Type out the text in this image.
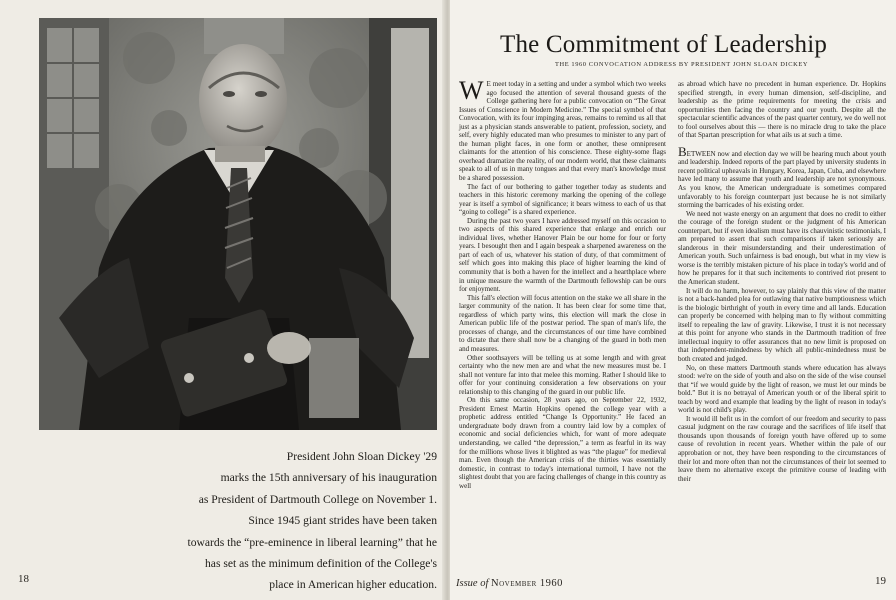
President John Sloan Dickey '29

marks the 15th anniversary of his inauguration

as President of Dartmouth College on November 1.

Since 1945 giant strides have been taken

towards the “pre-eminence in liberal learning” that he

has set as the minimum definition of the College's

place in American higher education.

18
The Commitment of Leadership
THE 1960 CONVOCATION ADDRESS BY PRESIDENT JOHN SLOAN DICKEY

W E meet today in a setting and under a symbol which two weeks ago focused the attention of several thousand guests of the College gathering here for a public convocation on “The Great Issues of Conscience in Modern Medicine.” The special symbol of that Convocation, with its four impinging areas, remains to remind us all that just as a physician stands answerable to patient, profession, society, and self, every highly educated man who presumes to minister to any part of the human plight faces, in one form or another, these omnipresent claimants for the attention of his conscience. These eighty-some flags overhead dramatize the reality, of our modern world, that these claimants speak to all of us in many tongues and that every man's knowledge must be a shared possession.

The fact of our bothering to gather together today as students and teachers in this historic ceremony marking the opening of the college year is itself a symbol of significance; it bears witness to each of us that “going to college” is a shared experience.

During the past two years I have addressed myself on this occasion to two aspects of this shared experience that enlarge and enrich our individual lives, whether Hanover Plain be our home for four or forty years. I besought then and I again bespeak a sharpened awareness on the part of each of us, whatever his station of duty, of that commitment of self which goes into making this place of higher learning the kind of community that is both a haven for the intellect and a hearthplace where in unique measure the warmth of the Dartmouth fellowship can be ours for enjoyment.

This fall's election will focus attention on the stake we all share in the larger community of the nation. It has been clear for some time that, regardless of which party wins, this election will mark the close in American public life of the postwar period. The span of man's life, the processes of change, and the circumstances of our time have combined to dictate that there shall now be a changing of the guard in both men and measures.

Other soothsayers will be telling us at some length and with great certainty who the new men are and what the new measures must be. I shall not venture far into that melee this morning. Rather I should like to offer for your continuing consideration a few observations on your relationship to this changing of the guard in our public life.

On this same occasion, 28 years ago, on September 22, 1932, President Ernest Martin Hopkins opened the college year with a prophetic address entitled “Change Is Opportunity.” He faced an undergraduate body drawn from a country laid low by a complex of economic and social deficiencies which, for want of more adequate understanding, we called “the depression,” a term as fearful in its way for the millions whose lives it blighted as was “the plague” for medieval man. Even though the American crisis of the thirties was essentially domestic, in contrast to today's international turmoil, I have not the slightest doubt that you are facing challenges of change in this country as well

as abroad which have no precedent in human experience. Dr. Hopkins specified strength, in every human dimension, self-discipline, and leadership as the prime requirements for meeting the crisis and opportunities then facing the country and our youth. Despite all the spectacular scientific advances of the past quarter century, we do well not to fool ourselves about this — there is no miracle drug to take the place of that Spartan prescription for what ails us at such a time.

BETWEEN now and election day we will be hearing much about youth and leadership. Indeed reports of the part played by university students in recent political upheavals in Hungary, Korea, Japan, Cuba, and elsewhere have led many to assume that youth and leadership are not synonymous. As you know, the American undergraduate is sometimes compared unfavorably to his foreign counterpart just because he is not similarly storming the barricades of his existing order.

We need not waste energy on an argument that does no credit to either the courage of the foreign student or the judgment of his American counterpart, but if even idealism must have its chauvinistic testimonials, I am prepared to assert that such comparisons if taken seriously are slanderous in their misunderstanding and their underestimation of American youth. Such unfairness is bad enough, but what in my view is worse is the terribly mistaken picture of his place in today's world and of how he prepares for it that such incitements to contrived riot present to the American student.

It will do no harm, however, to say plainly that this view of the matter is not a back-handed plea for outlawing that native bumptiousness which is the biologic birthright of youth in every time and all lands. Education can properly be concerned with helping man to fly without committing itself to repealing the law of gravity. Likewise, I trust it is not necessary at this point for anyone who stands in the Dartmouth tradition of free intellectual inquiry to offer assurances that no new limit is proposed on that independent-mindedness by which all public-mindedness must be both created and judged.

No, on these matters Dartmouth stands where education has always stood: we're on the side of youth and also on the side of the wise counsel that “if we would guide by the light of reason, we must let our minds be bold.” But it is no betrayal of American youth or of the liberal spirit to teach by word and example that leading by the light of reason in today's world is not child's play.

It would ill befit us in the comfort of our freedom and security to pass casual judgment on the raw courage and the sacrifices of life itself that thousands upon thousands of foreign youth have offered up to some cause of revolution in recent years. Whether within the pale of our approbation or not, they have been responding to the circumstances of their lot and more often than not the circumstances of their lot seemed to leave them no alternative except the primitive course of leading with their

Issue of November 1960	19
